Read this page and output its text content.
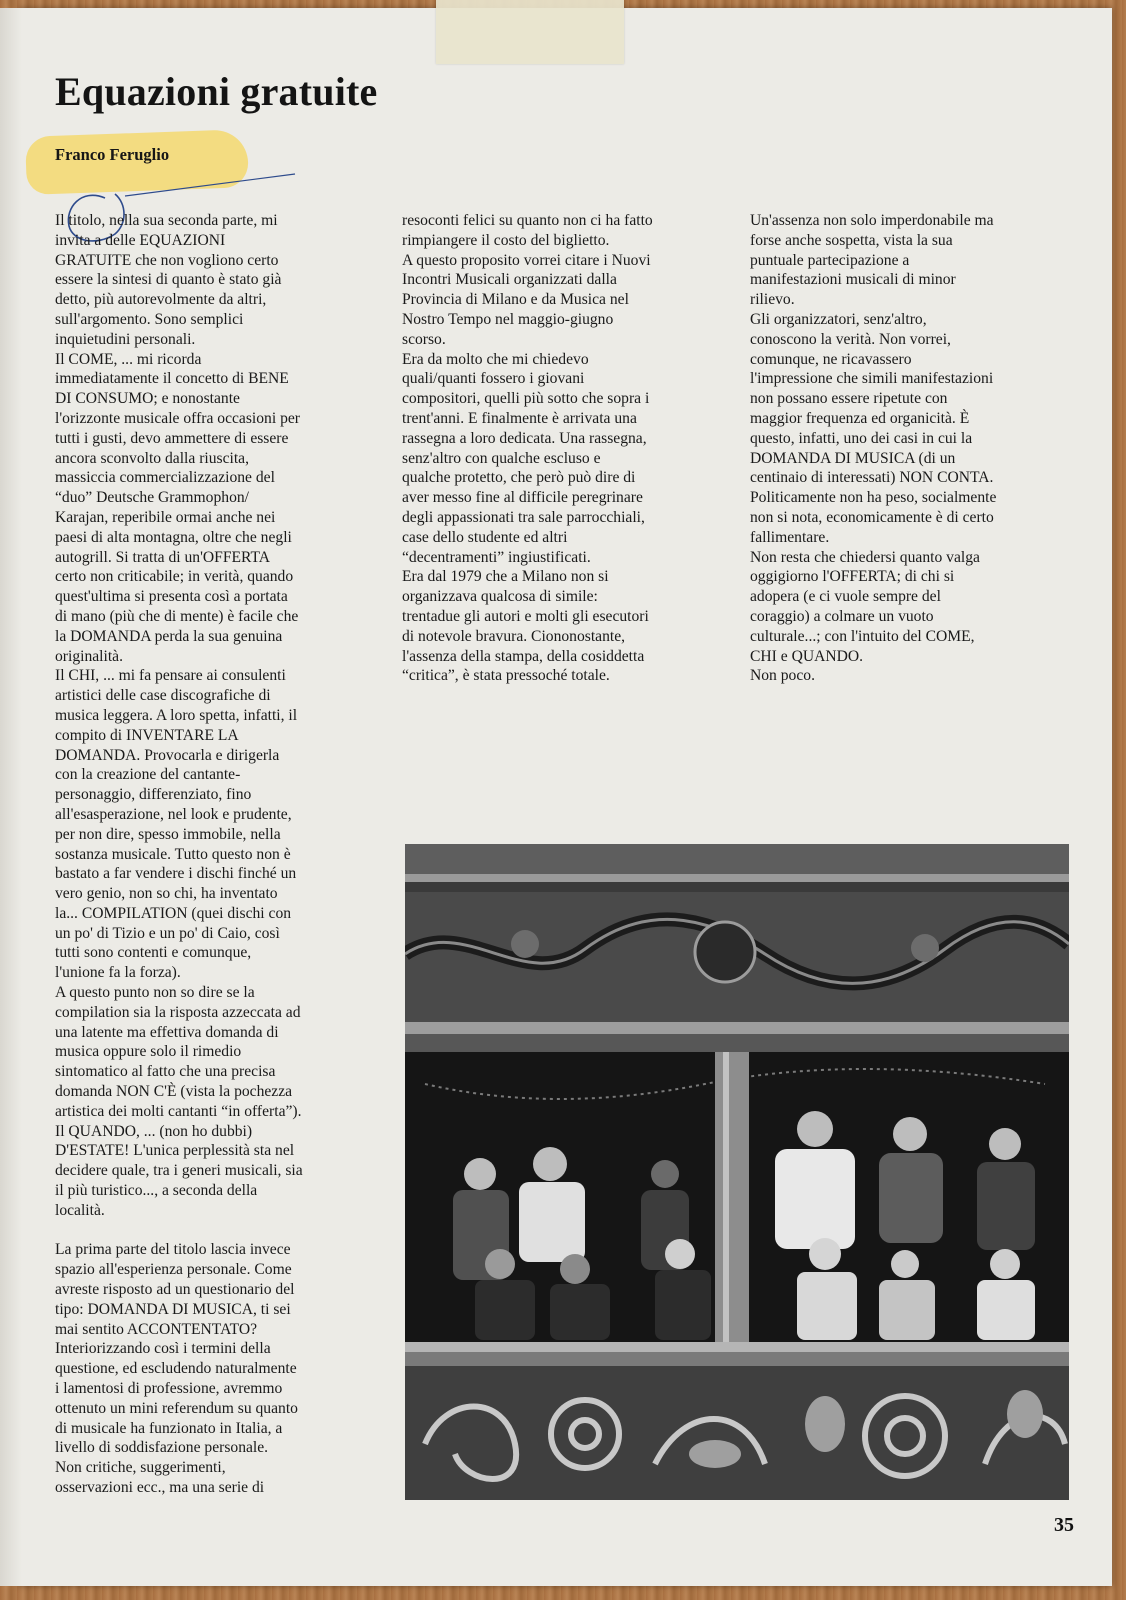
Equazioni gratuite
Franco Feruglio

Il titolo, nella sua seconda parte, mi
invita a delle EQUAZIONI
GRATUITE che non vogliono certo
essere la sintesi di quanto è stato già
detto, più autorevolmente da altri,
sull'argomento. Sono semplici
inquietudini personali.
Il COME, ... mi ricorda
immediatamente il concetto di BENE
DI CONSUMO; e nonostante
l'orizzonte musicale offra occasioni per
tutti i gusti, devo ammettere di essere
ancora sconvolto dalla riuscita,
massiccia commercializzazione del
“duo” Deutsche Grammophon/
Karajan, reperibile ormai anche nei
paesi di alta montagna, oltre che negli
autogrill. Si tratta di un'OFFERTA
certo non criticabile; in verità, quando
quest'ultima si presenta così a portata
di mano (più che di mente) è facile che
la DOMANDA perda la sua genuina
originalità.
Il CHI, ... mi fa pensare ai consulenti
artistici delle case discografiche di
musica leggera. A loro spetta, infatti, il
compito di INVENTARE LA
DOMANDA. Provocarla e dirigerla
con la creazione del cantante-
personaggio, differenziato, fino
all'esasperazione, nel look e prudente,
per non dire, spesso immobile, nella
sostanza musicale. Tutto questo non è
bastato a far vendere i dischi finché un
vero genio, non so chi, ha inventato
la... COMPILATION (quei dischi con
un po' di Tizio e un po' di Caio, così
tutti sono contenti e comunque,
l'unione fa la forza).
A questo punto non so dire se la
compilation sia la risposta azzeccata ad
una latente ma effettiva domanda di
musica oppure solo il rimedio
sintomatico al fatto che una precisa
domanda NON C'È (vista la pochezza
artistica dei molti cantanti “in offerta”).
Il QUANDO, ... (non ho dubbi)
D'ESTATE! L'unica perplessità sta nel
decidere quale, tra i generi musicali, sia
il più turistico..., a seconda della
località.

La prima parte del titolo lascia invece
spazio all'esperienza personale. Come
avreste risposto ad un questionario del
tipo: DOMANDA DI MUSICA, ti sei
mai sentito ACCONTENTATO?
Interiorizzando così i termini della
questione, ed escludendo naturalmente
i lamentosi di professione, avremmo
ottenuto un mini referendum su quanto
di musicale ha funzionato in Italia, a
livello di soddisfazione personale.
Non critiche, suggerimenti,
osservazioni ecc., ma una serie di

resoconti felici su quanto non ci ha fatto
rimpiangere il costo del biglietto.
A questo proposito vorrei citare i Nuovi
Incontri Musicali organizzati dalla
Provincia di Milano e da Musica nel
Nostro Tempo nel maggio-giugno
scorso.
Era da molto che mi chiedevo
quali/quanti fossero i giovani
compositori, quelli più sotto che sopra i
trent'anni. E finalmente è arrivata una
rassegna a loro dedicata. Una rassegna,
senz'altro con qualche escluso e
qualche protetto, che però può dire di
aver messo fine al difficile peregrinare
degli appassionati tra sale parrocchiali,
case dello studente ed altri
“decentramenti” ingiustificati.
Era dal 1979 che a Milano non si
organizzava qualcosa di simile:
trentadue gli autori e molti gli esecutori
di notevole bravura. Ciononostante,
l'assenza della stampa, della cosiddetta
“critica”, è stata pressoché totale.

Un'assenza non solo imperdonabile ma
forse anche sospetta, vista la sua
puntuale partecipazione a
manifestazioni musicali di minor
rilievo.
Gli organizzatori, senz'altro,
conoscono la verità. Non vorrei,
comunque, ne ricavassero
l'impressione che simili manifestazioni
non possano essere ripetute con
maggior frequenza ed organicità. È
questo, infatti, uno dei casi in cui la
DOMANDA DI MUSICA (di un
centinaio di interessati) NON CONTA.
Politicamente non ha peso, socialmente
non si nota, economicamente è di certo
fallimentare.
Non resta che chiedersi quanto valga
oggigiorno l'OFFERTA; di chi si
adopera (e ci vuole sempre del
coraggio) a colmare un vuoto
culturale...; con l'intuito del COME,
CHI e QUANDO.
Non poco.

35
